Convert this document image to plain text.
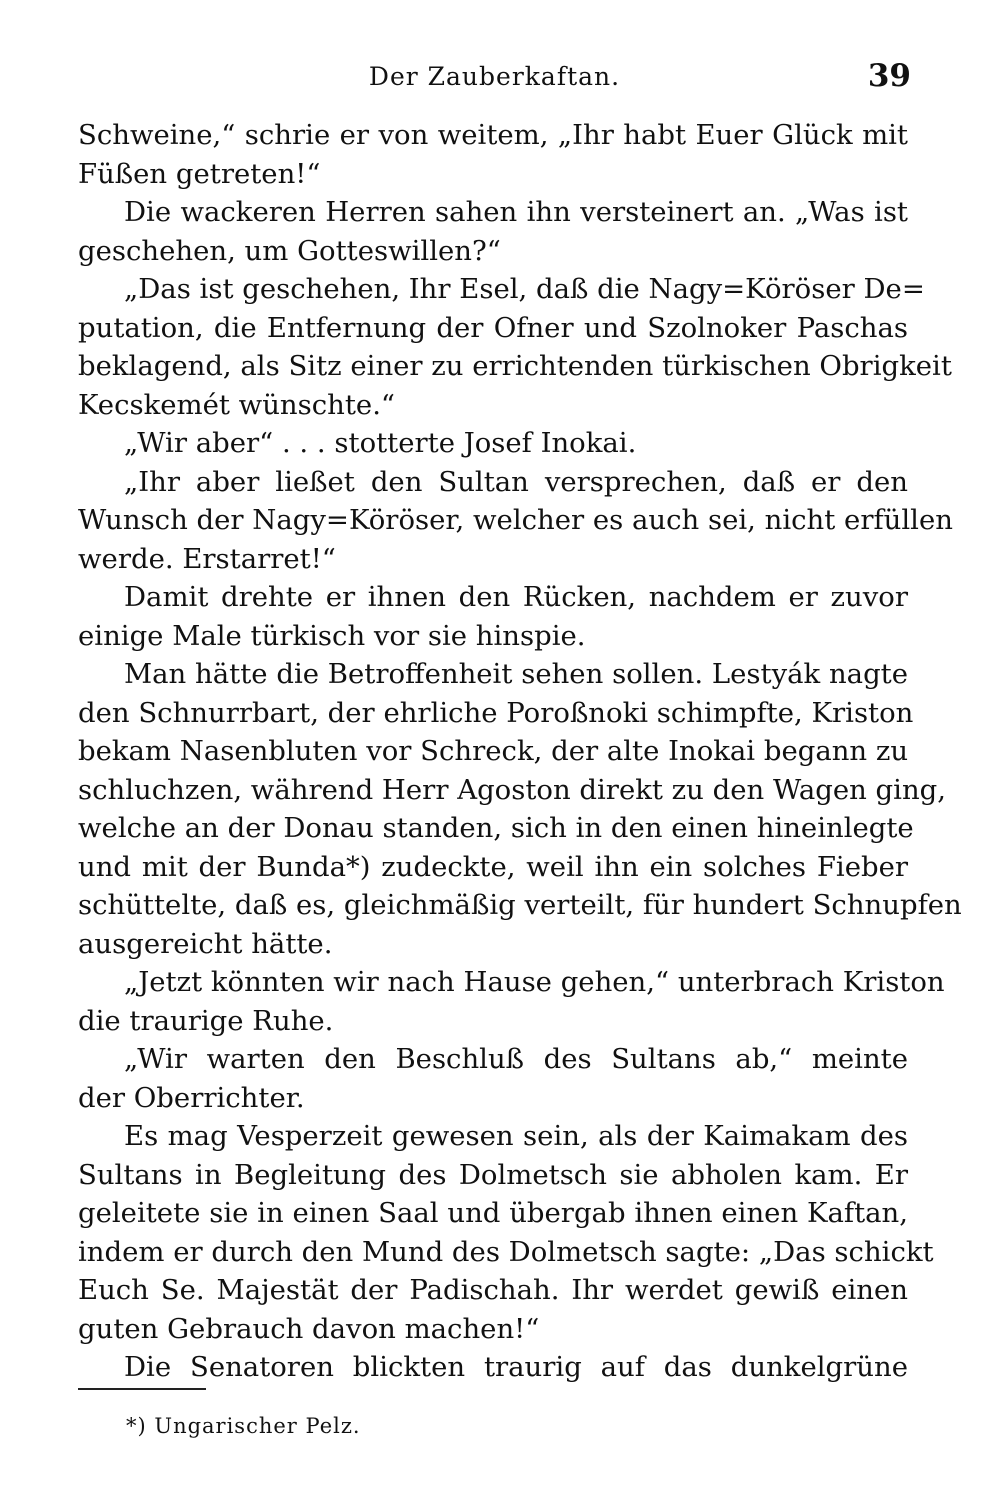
Der Zauberkaftan.	39
Schweine,“ schrie er von weitem, „Ihr habt Euer Glück mit
Füßen getreten!“
Die wackeren Herren sahen ihn versteinert an. „Was ist
geschehen, um Gotteswillen?“
„Das ist geschehen, Ihr Esel, daß die Nagy=Köröser De=
putation, die Entfernung der Ofner und Szolnoker Paschas
beklagend, als Sitz einer zu errichtenden türkischen Obrigkeit
Kecskemét wünschte.“
„Wir aber“ . . . stotterte Josef Inokai.
„Ihr aber ließet den Sultan versprechen, daß er den
Wunsch der Nagy=Köröser, welcher es auch sei, nicht erfüllen
werde. Erstarret!“
Damit drehte er ihnen den Rücken, nachdem er zuvor
einige Male türkisch vor sie hinspie.
Man hätte die Betroffenheit sehen sollen. Lestyák nagte
den Schnurrbart, der ehrliche Poroßnoki schimpfte, Kriston
bekam Nasenbluten vor Schreck, der alte Inokai begann zu
schluchzen, während Herr Agoston direkt zu den Wagen ging,
welche an der Donau standen, sich in den einen hineinlegte
und mit der Bunda*) zudeckte, weil ihn ein solches Fieber
schüttelte, daß es, gleichmäßig verteilt, für hundert Schnupfen
ausgereicht hätte.
„Jetzt könnten wir nach Hause gehen,“ unterbrach Kriston
die traurige Ruhe.
„Wir warten den Beschluß des Sultans ab,“ meinte
der Oberrichter.
Es mag Vesperzeit gewesen sein, als der Kaimakam des
Sultans in Begleitung des Dolmetsch sie abholen kam. Er
geleitete sie in einen Saal und übergab ihnen einen Kaftan,
indem er durch den Mund des Dolmetsch sagte: „Das schickt
Euch Se. Majestät der Padischah. Ihr werdet gewiß einen
guten Gebrauch davon machen!“
Die Senatoren blickten traurig auf das dunkelgrüne
*) Ungarischer Pelz.
